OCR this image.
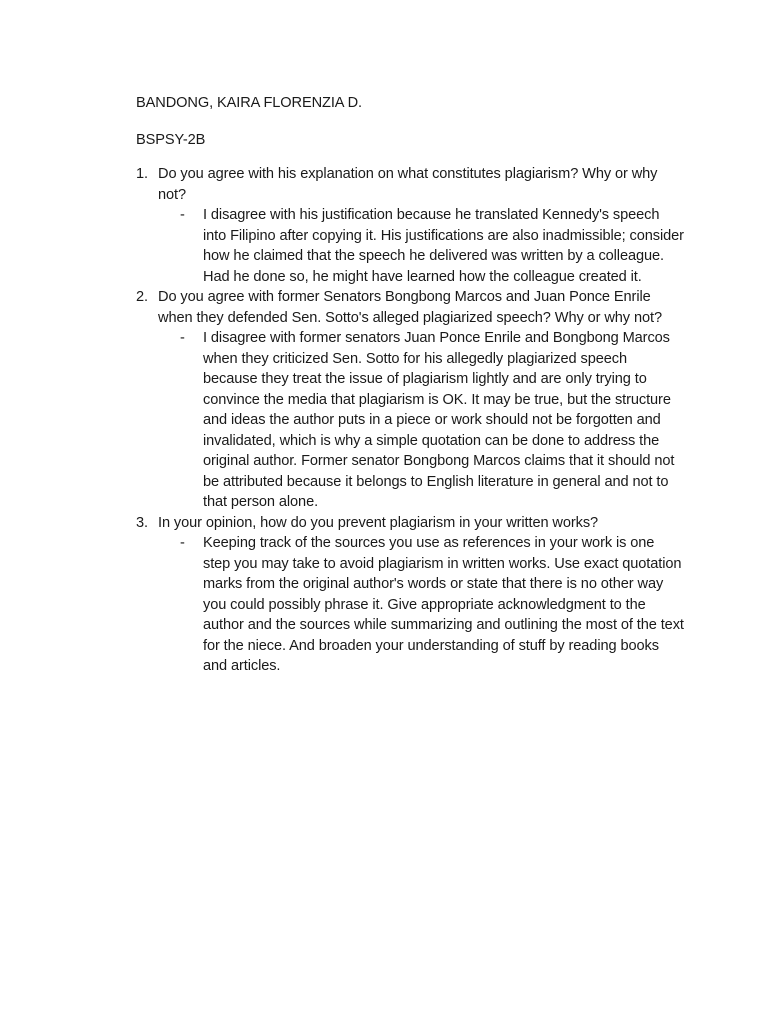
BANDONG, KAIRA FLORENZIA D.

BSPSY-2B

1. Do you agree with his explanation on what constitutes plagiarism? Why or why not?

- I disagree with his justification because he translated Kennedy's speech into Filipino after copying it. His justifications are also inadmissible; consider how he claimed that the speech he delivered was written by a colleague. Had he done so, he might have learned how the colleague created it.

2. Do you agree with former Senators Bongbong Marcos and Juan Ponce Enrile when they defended Sen. Sotto's alleged plagiarized speech? Why or why not?

- I disagree with former senators Juan Ponce Enrile and Bongbong Marcos when they criticized Sen. Sotto for his allegedly plagiarized speech because they treat the issue of plagiarism lightly and are only trying to convince the media that plagiarism is OK. It may be true, but the structure and ideas the author puts in a piece or work should not be forgotten and invalidated, which is why a simple quotation can be done to address the original author. Former senator Bongbong Marcos claims that it should not be attributed because it belongs to English literature in general and not to that person alone.

3. In your opinion, how do you prevent plagiarism in your written works?

- Keeping track of the sources you use as references in your work is one step you may take to avoid plagiarism in written works. Use exact quotation marks from the original author's words or state that there is no other way you could possibly phrase it. Give appropriate acknowledgment to the author and the sources while summarizing and outlining the most of the text for the niece. And broaden your understanding of stuff by reading books and articles.
